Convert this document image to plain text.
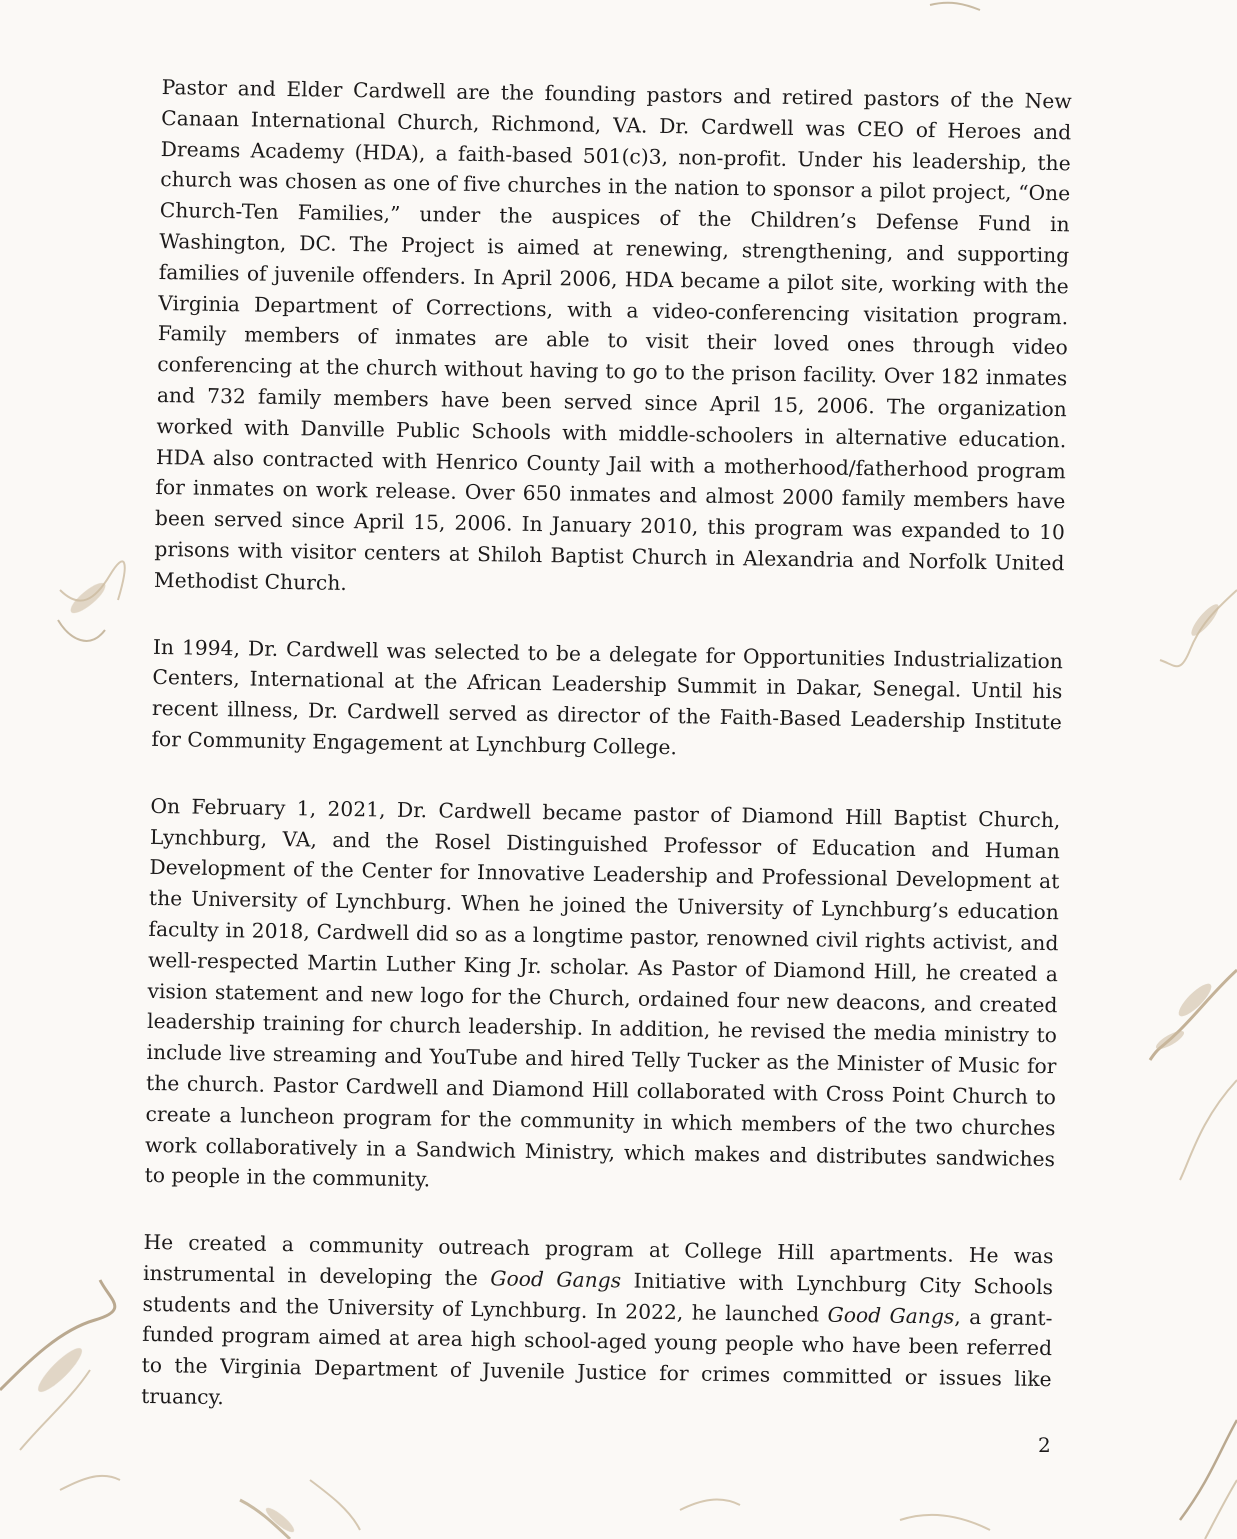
Pastor and Elder Cardwell are the founding pastors and retired pastors of the New Canaan International Church, Richmond, VA. Dr. Cardwell was CEO of Heroes and Dreams Academy (HDA), a faith-based 501(c)3, non-profit. Under his leadership, the church was chosen as one of five churches in the nation to sponsor a pilot project, “One Church-Ten Families,” under the auspices of the Children’s Defense Fund in Washington, DC. The Project is aimed at renewing, strengthening, and supporting families of juvenile offenders. In April 2006, HDA became a pilot site, working with the Virginia Department of Corrections, with a video-conferencing visitation program. Family members of inmates are able to visit their loved ones through video conferencing at the church without having to go to the prison facility. Over 182 inmates and 732 family members have been served since April 15, 2006. The organization worked with Danville Public Schools with middle-schoolers in alternative education. HDA also contracted with Henrico County Jail with a motherhood/fatherhood program for inmates on work release. Over 650 inmates and almost 2000 family members have been served since April 15, 2006. In January 2010, this program was expanded to 10 prisons with visitor centers at Shiloh Baptist Church in Alexandria and Norfolk United Methodist Church.

In 1994, Dr. Cardwell was selected to be a delegate for Opportunities Industrialization Centers, International at the African Leadership Summit in Dakar, Senegal. Until his recent illness, Dr. Cardwell served as director of the Faith-Based Leadership Institute for Community Engagement at Lynchburg College.

On February 1, 2021, Dr. Cardwell became pastor of Diamond Hill Baptist Church, Lynchburg, VA, and the Rosel Distinguished Professor of Education and Human Development of the Center for Innovative Leadership and Professional Development at the University of Lynchburg. When he joined the University of Lynchburg’s education faculty in 2018, Cardwell did so as a longtime pastor, renowned civil rights activist, and well-respected Martin Luther King Jr. scholar. As Pastor of Diamond Hill, he created a vision statement and new logo for the Church, ordained four new deacons, and created leadership training for church leadership. In addition, he revised the media ministry to include live streaming and YouTube and hired Telly Tucker as the Minister of Music for the church. Pastor Cardwell and Diamond Hill collaborated with Cross Point Church to create a luncheon program for the community in which members of the two churches work collaboratively in a Sandwich Ministry, which makes and distributes sandwiches to people in the community.

He created a community outreach program at College Hill apartments. He was instrumental in developing the Good Gangs Initiative with Lynchburg City Schools students and the University of Lynchburg. In 2022, he launched Good Gangs, a grant-funded program aimed at area high school-aged young people who have been referred to the Virginia Department of Juvenile Justice for crimes committed or issues like truancy.

2
